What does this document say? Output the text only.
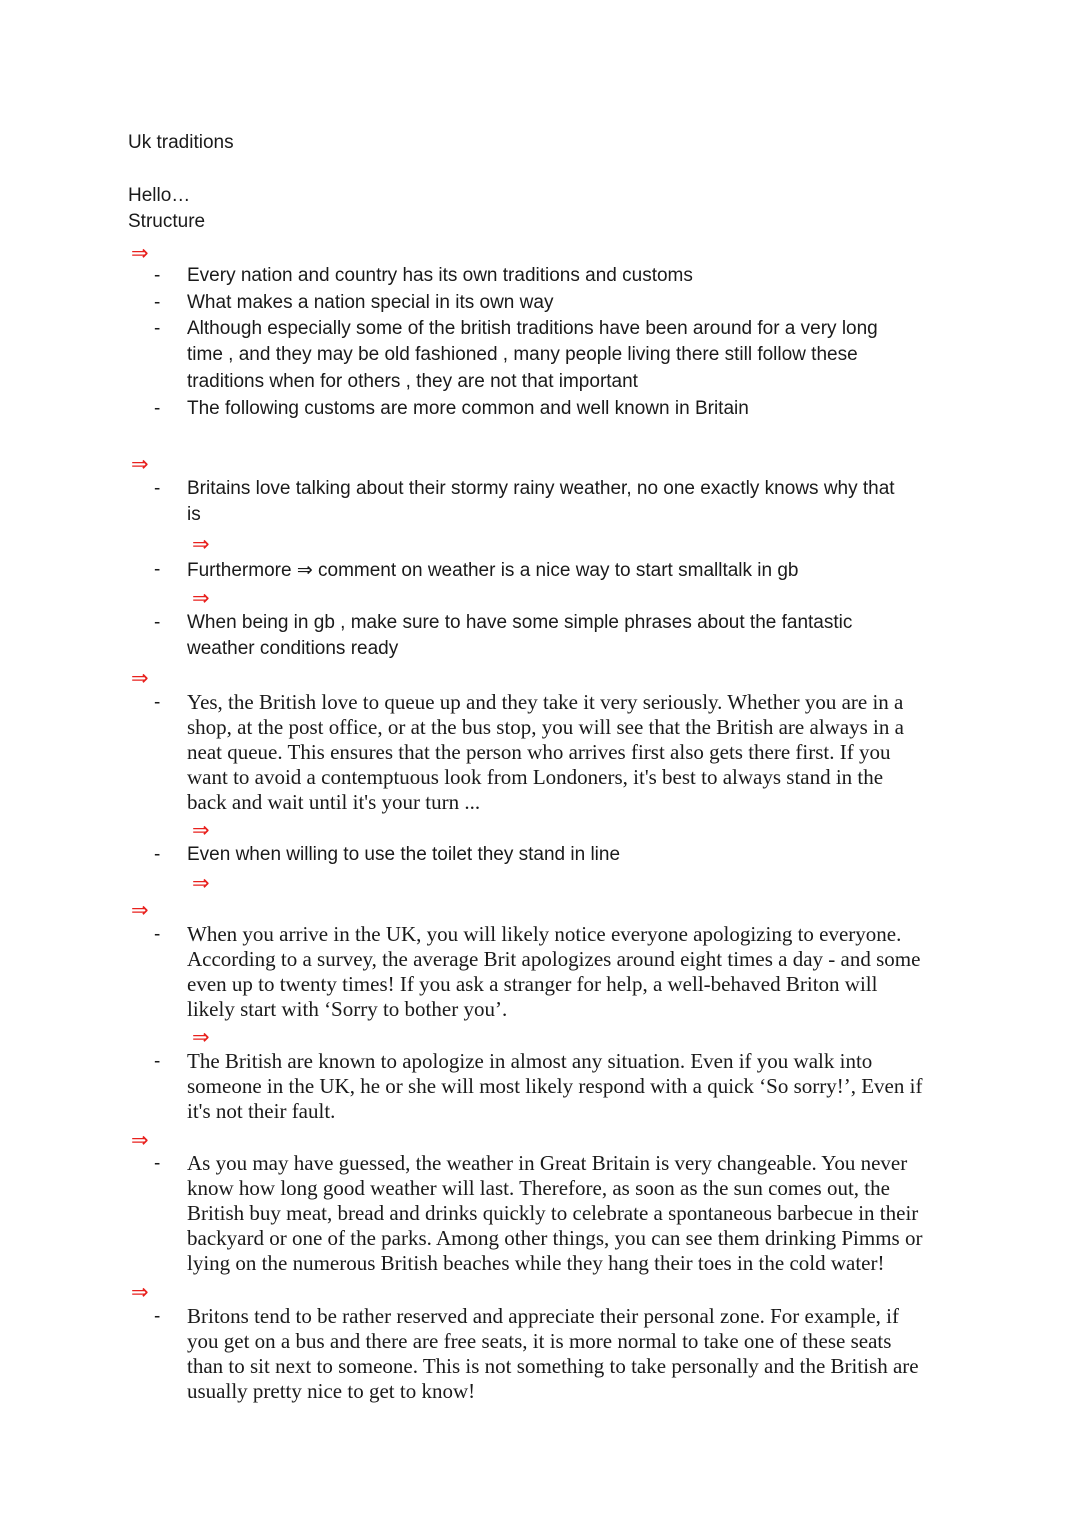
Uk traditions
Hello…
Structure
⇒
- Every nation and country has its own traditions and customs
- What makes a nation special in its own way
- Although especially some of the british traditions have been around for a very long
time , and they may be old fashioned , many people living there still follow these
traditions when for others , they are not that important
- The following customs are more common and well known in Britain
⇒
- Britains love talking about their stormy rainy weather, no one exactly knows why that
is
⇒
- Furthermore ⇒ comment on weather is a nice way to start smalltalk in gb
⇒
- When being in gb , make sure to have some simple phrases about the fantastic
weather conditions ready
⇒
- Yes, the British love to queue up and they take it very seriously. Whether you are in a
shop, at the post office, or at the bus stop, you will see that the British are always in a
neat queue. This ensures that the person who arrives first also gets there first. If you
want to avoid a contemptuous look from Londoners, it's best to always stand in the
back and wait until it's your turn ...
⇒
- Even when willing to use the toilet they stand in line
⇒
⇒
- When you arrive in the UK, you will likely notice everyone apologizing to everyone.
According to a survey, the average Brit apologizes around eight times a day - and some
even up to twenty times! If you ask a stranger for help, a well-behaved Briton will
likely start with ‘Sorry to bother you’.
⇒
- The British are known to apologize in almost any situation. Even if you walk into
someone in the UK, he or she will most likely respond with a quick ‘So sorry!’, Even if
it's not their fault.
⇒
- As you may have guessed, the weather in Great Britain is very changeable. You never
know how long good weather will last. Therefore, as soon as the sun comes out, the
British buy meat, bread and drinks quickly to celebrate a spontaneous barbecue in their
backyard or one of the parks. Among other things, you can see them drinking Pimms or
lying on the numerous British beaches while they hang their toes in the cold water!
⇒
- Britons tend to be rather reserved and appreciate their personal zone. For example, if
you get on a bus and there are free seats, it is more normal to take one of these seats
than to sit next to someone. This is not something to take personally and the British are
usually pretty nice to get to know!
